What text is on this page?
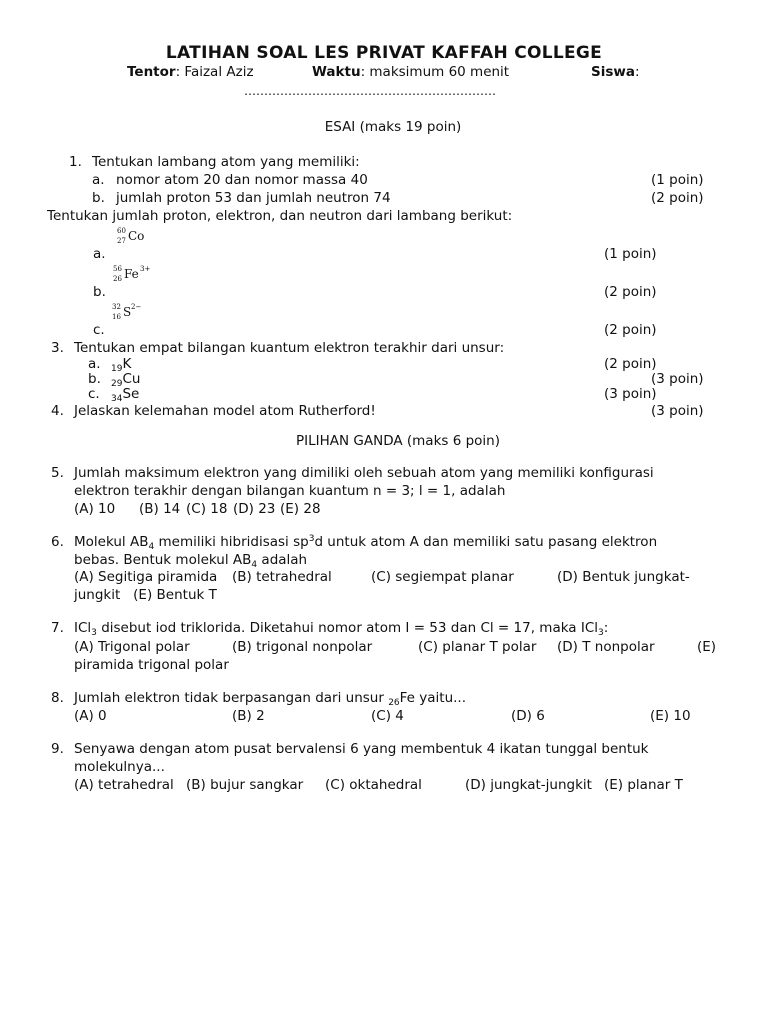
LATIHAN SOAL LES PRIVAT KAFFAH COLLEGE
Tentor: Faizal Aziz	Waktu: maksimum 60 menit	Siswa:
………………………………………………………
ESAI (maks 19 poin)
1. Tentukan lambang atom yang memiliki:
a. nomor atom 20 dan nomor massa 40	(1 poin)
b. jumlah proton 53 dan jumlah neutron 74	(2 poin)
Tentukan jumlah proton, elektron, dan neutron dari lambang berikut:
60
27 Co
a.	(1 poin)
56
26 Fe 3+
b.	(2 poin)
32
16 S 2−
c.	(2 poin)
3. Tentukan empat bilangan kuantum elektron terakhir dari unsur:
a. $_{19}$K	(2 poin)
b. $_{29}$Cu	(3 poin)
c. $_{34}$Se	(3 poin)
4. Jelaskan kelemahan model atom Rutherford!	(3 poin)
PILIHAN GANDA (maks 6 poin)
5. Jumlah maksimum elektron yang dimiliki oleh sebuah atom yang memiliki konfigurasi
elektron terakhir dengan bilangan kuantum n = 3; l = 1, adalah
(A) 10 (B) 14 (C) 18 (D) 23 (E) 28
6. Molekul $AB_4$ memiliki hibridisasi $sp^3d$ untuk atom A dan memiliki satu pasang elektron
bebas. Bentuk molekul $AB_4$ adalah
(A) Segitiga piramida (B) tetrahedral	(C) segiempat planar	(D) Bentuk jungkat-
jungkit   (E) Bentuk T
7. ICl$_3$ disebut iod triklorida. Diketahui nomor atom I = 53 dan Cl = 17, maka ICl$_3$:
(A) Trigonal polar	(B) trigonal nonpolar	(C) planar T polar (D) T nonpolar	(E)
piramida trigonal polar
8. Jumlah elektron tidak berpasangan dari unsur $_{26}$Fe yaitu...
(A) 0	(B) 2	(C) 4	(D) 6	(E) 10
9. Senyawa dengan atom pusat bervalensi 6 yang membentuk 4 ikatan tunggal bentuk
molekulnya...
(A) tetrahedral (B) bujur sangkar (C) oktahedral	(D) jungkat-jungkit (E) planar T
